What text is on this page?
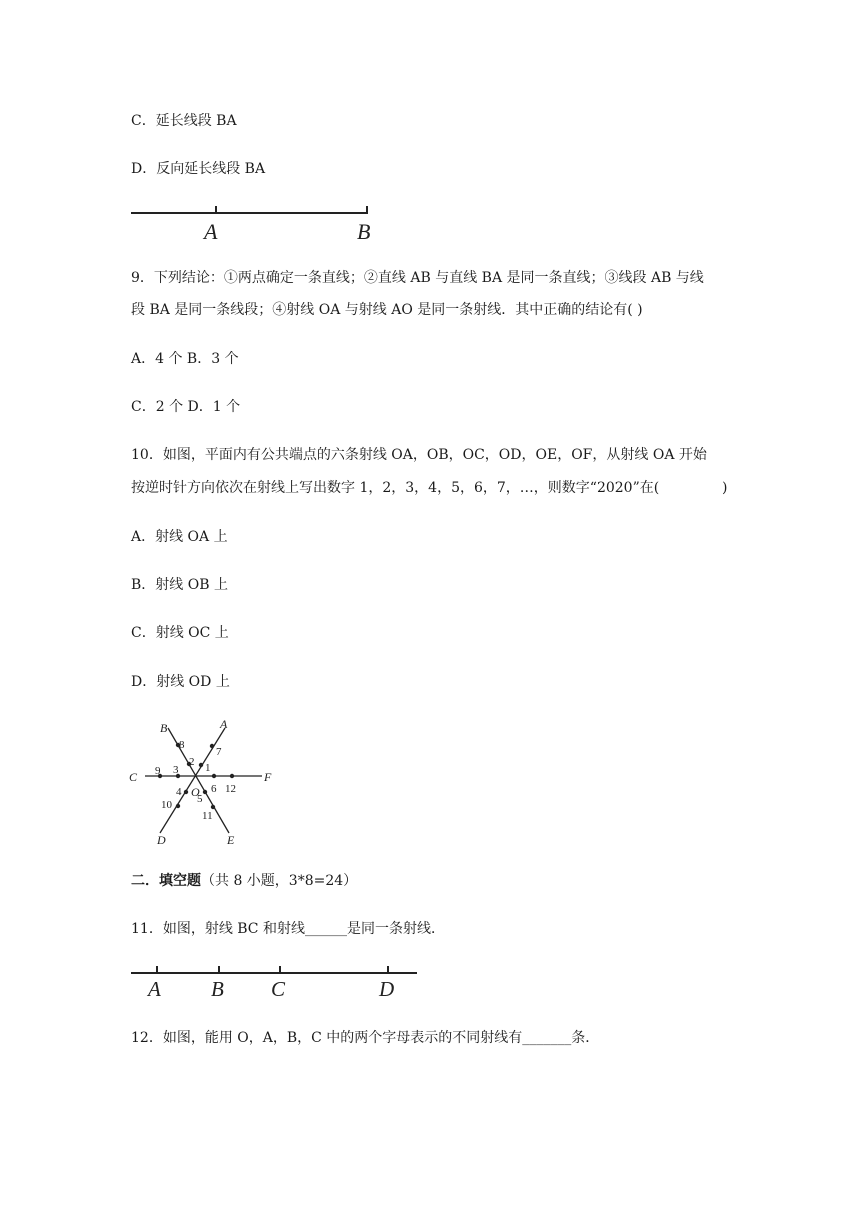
C．延长线段 BA
D．反向延长线段 BA
A	B
9．下列结论：①两点确定一条直线；②直线 AB 与直线 BA 是同一条直线；③线段 AB 与线
段 BA 是同一条线段；④射线 OA 与射线 AO 是同一条射线．其中正确的结论有( )
A．4 个 B．3 个
C．2 个 D．1 个
10．如图，平面内有公共端点的六条射线 OA，OB，OC，OD，OE，OF，从射线 OA 开始
按逆时针方向依次在射线上写出数字 1，2，3，4，5，6，7，…，则数字“2020”在(	)
A．射线 OA 上
B．射线 OB 上
C．射线 OC 上
D．射线 OD 上
A
B
C
D	E
F
O
1
2
3
4
5
6
7
8
9
10
11
12
二．填空题（共 8 小题，3*8=24）
11．如图，射线 BC 和射线______是同一条射线．
A B C	D
12．如图，能用 O，A，B，C 中的两个字母表示的不同射线有_______条．
